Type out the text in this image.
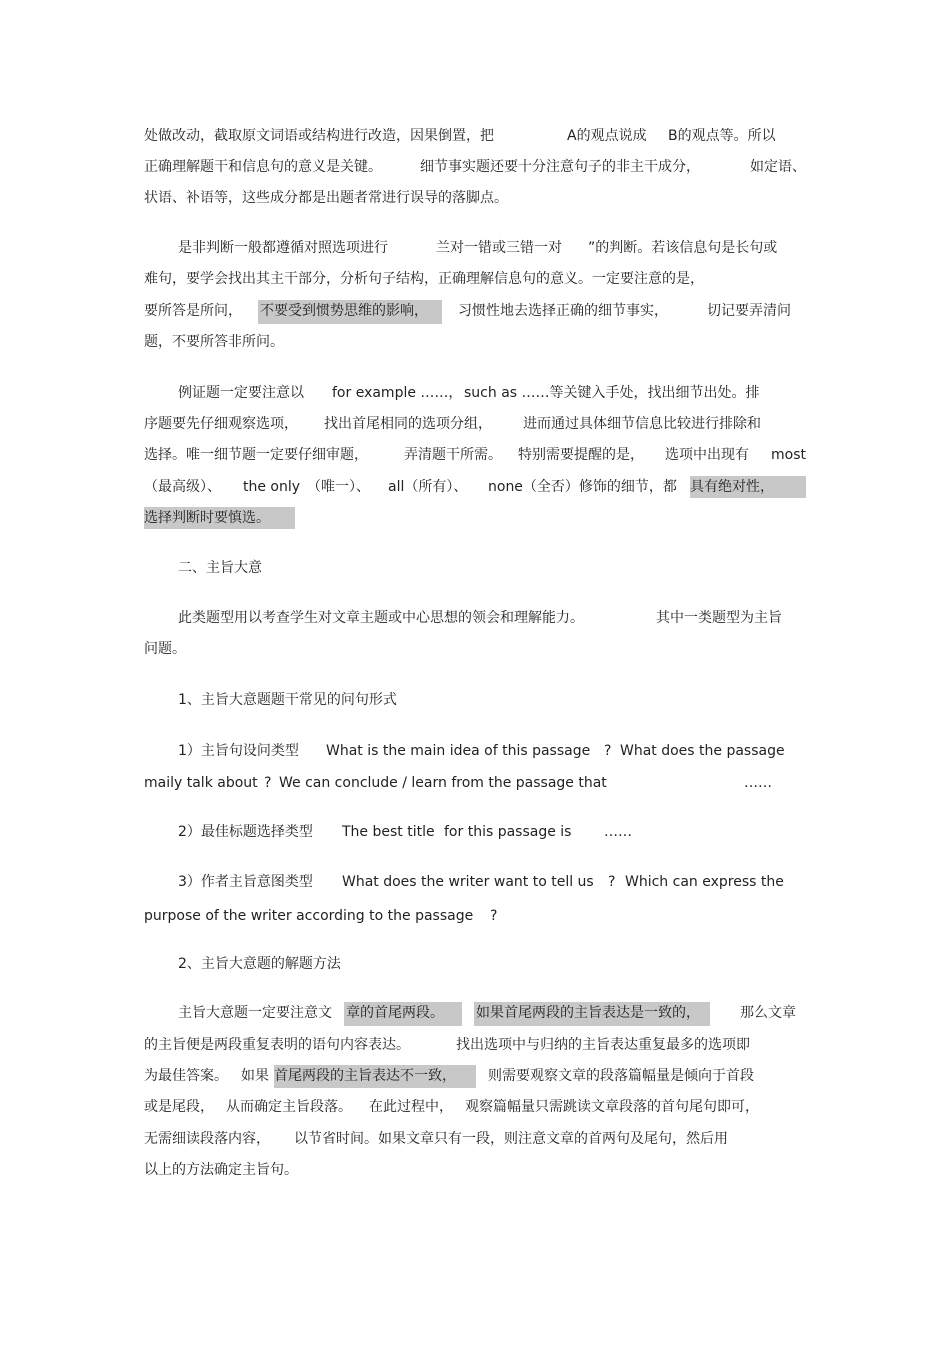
处做改动，截取原文词语或结构进行改造，因果倒置，把	A的观点说成 B的观点等。所以
正确理解题干和信息句的意义是关键。	细节事实题还要十分注意句子的非主干成分，	如定语、
状语、补语等，这些成分都是出题者常进行误导的落脚点。
是非判断一般都遵循对照选项进行	兰对一错或三错一对 ”的判断。若该信息句是长句或
难句，要学会找出其主干部分，分析句子结构，正确理解信息句的意义。一定要注意的是，
要所答是所问， 不要受到惯势思维的影响， 习惯性地去选择正确的细节事实，	切记要弄清问
题，不要所答非所问。
例证题一定要注意以 for example ……， such as ……等关键入手处，找出细节出处。排
序题要先仔细观察选项， 找出首尾相同的选项分组， 进而通过具体细节信息比较进行排除和
选择。唯一细节题一定要仔细审题，	弄清题干所需。 特别需要提醒的是， 选项中出现有 most
（最高级）、 the only （唯一）、 all（所有）、 none（全否）修饰的细节，都 具有绝对性，
选择判断时要慎选。
二、主旨大意
此类题型用以考查学生对文章主题或中心思想的领会和理解能力。	其中一类题型为主旨
问题。
1、主旨大意题题干常见的问句形式
1）主旨句设问类型 What is the main idea of this passage ? What does the passage
maily talk about ? We can conclude / learn from the passage that	……
2）最佳标题选择类型 The best title for this passage is ……
3）作者主旨意图类型 What does the writer want to tell us ? Which can express the
purpose of the writer according to the passage ?
2、主旨大意题的解题方法
主旨大意题一定要注意文 章的首尾两段。 如果首尾两段的主旨表达是一致的，	那么文章
的主旨便是两段重复表明的语句内容表达。	找出选项中与归纳的主旨表达重复最多的选项即
为最佳答案。 如果 首尾两段的主旨表达不一致， 则需要观察文章的段落篇幅量是倾向于首段
或是尾段， 从而确定主旨段落。 在此过程中， 观察篇幅量只需跳读文章段落的首句尾句即可，
无需细读段落内容， 以节省时间。如果文章只有一段，则注意文章的首两句及尾句，然后用
以上的方法确定主旨句。
